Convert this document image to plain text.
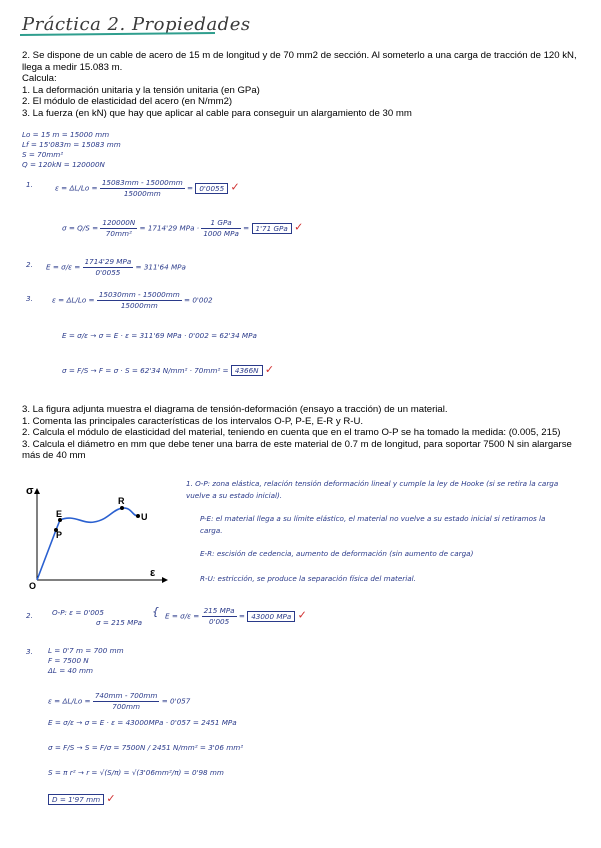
Práctica 2. Propiedades
2. Se dispone de un cable de acero de 15 m de longitud y de 70 mm2 de sección. Al someterlo a una carga de tracción de 120 kN, llega a medir 15.083 m.
Calcula:
1. La deformación unitaria y la tensión unitaria (en GPa)
2. El módulo de elasticidad del acero (en N/mm2)
3. La fuerza (en kN) que hay que aplicar al cable para conseguir un alargamiento de 30 mm
Lo = 15 m = 15000 mm
Lf = 15'083m = 15083 mm
S = 70mm²
Q = 120kN = 120000N
1.	$\varepsilon = \Delta L/Lo = \frac{15083mm - 15000mm}{15000mm} = 0'0055$ ✓
$\sigma = Q/S = \frac{120000N}{\text{70mm²}} = 1714'29$ MPa · $\frac{\text{1 GPa}}{\text{1000 MPa}} = 1'71$ GPa ✓
2. $E = \sigma/\varepsilon = \frac{\text{1714'29 MPa}}{0'0055} = 311'64$ MPa
3.	$\varepsilon = \Delta L/Lo = \frac{15030mm - 15000mm}{15000mm} = 0'002$
E = σ/ε → σ = E · ε = 311'69 MPa · 0'002 = 62'34 MPa
σ = F/S → F = σ · S = 62'34 N/mm² · 70mm² = 4366N ✓
3. La figura adjunta muestra el diagrama de tensión-deformación (ensayo a tracción) de un material.
1. Comenta las principales características de los intervalos O-P, P-E, E-R y R-U.
2. Calcula el módulo de elasticidad del material, teniendo en cuenta que en el tramo O-P se ha tomado la medida: (0.005, 215)
3. Calcula el diámetro en mm que debe tener una barra de este material de 0.7 m de longitud, para soportar 7500 N sin alargarse más de 40 mm
σ
ε
O
P
E
R
U
1. O-P: zona elástica, relación tensión deformación lineal y cumple la ley de Hooke (si se retira la carga vuelve a su estado inicial).
P-E: el material llega a su límite elástico, el material no vuelve a su estado inicial si retiramos la carga.
E-R: escisión de cedencia, aumento de deformación (sin aumento de carga)
R-U: estricción, se produce la separación física del material.
2.	O-P: ε = 0'005
σ = 215 MPa
{ $E = \sigma/\varepsilon = \frac{\text{215 MPa}}{0'005} = 43000$ MPa ✓
3. L = 0'7 m = 700 mm
F = 7500 N
ΔL = 40 mm
$\varepsilon = \Delta L/Lo = \frac{740mm - 700mm}{700mm} = 0'057$
E = σ/ε → σ = E · ε = 43000MPa · 0'057 = 2451 MPa
σ = F/S → S = F/σ = 7500N / 2451 N/mm² = 3'06 mm²
S = π r² → r = √(S/π) = √(3'06mm²/π) = 0'98 mm
D = 1'97 mm ✓
